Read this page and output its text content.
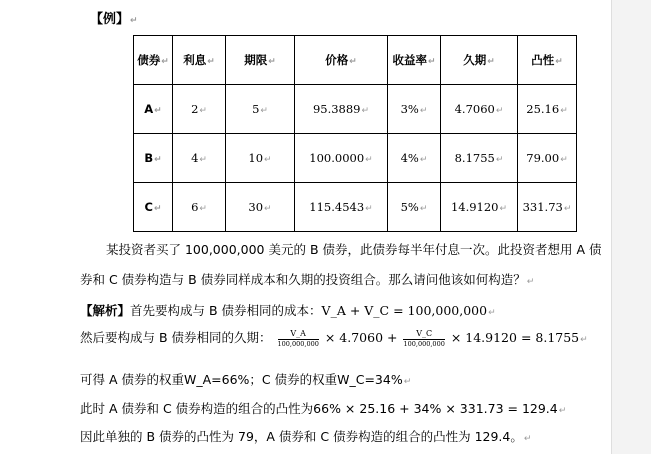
【例】↵
债券↵	利息↵	期限↵	价格↵	收益率↵	久期↵	凸性↵
A↵	2↵	5↵	95.3889↵	3%↵	4.7060↵	25.16↵
B↵	4↵	10↵	100.0000↵	4%↵	8.1755↵	79.00↵
C↵	6↵	30↵	115.4543↵	5%↵	14.9120↵	331.73↵
某投资者买了 100,000,000 美元的 B 债券，此债券每半年付息一次。此投资者想用 A 债
券和 C 债券构造与 B 债券同样成本和久期的投资组合。那么请问他该如何构造？↵
【解析】首先要构成与 B 债券相同的成本：V_A + V_C = 100,000,000↵
然后要构成与 B 债券相同的久期： $\frac{V\_A}{100,000,000} \times 4.7060 + \frac{V\_C}{100,000,000} \times 14.9120$ = 8.1755↵
可得 A 债券的权重W_A=66%；C 债券的权重W_C=34%↵
此时 A 债券和 C 债券构造的组合的凸性为66% × 25.16 + 34% × 331.73 = 129.4↵
因此单独的 B 债券的凸性为 79，A 债券和 C 债券构造的组合的凸性为 129.4。↵
